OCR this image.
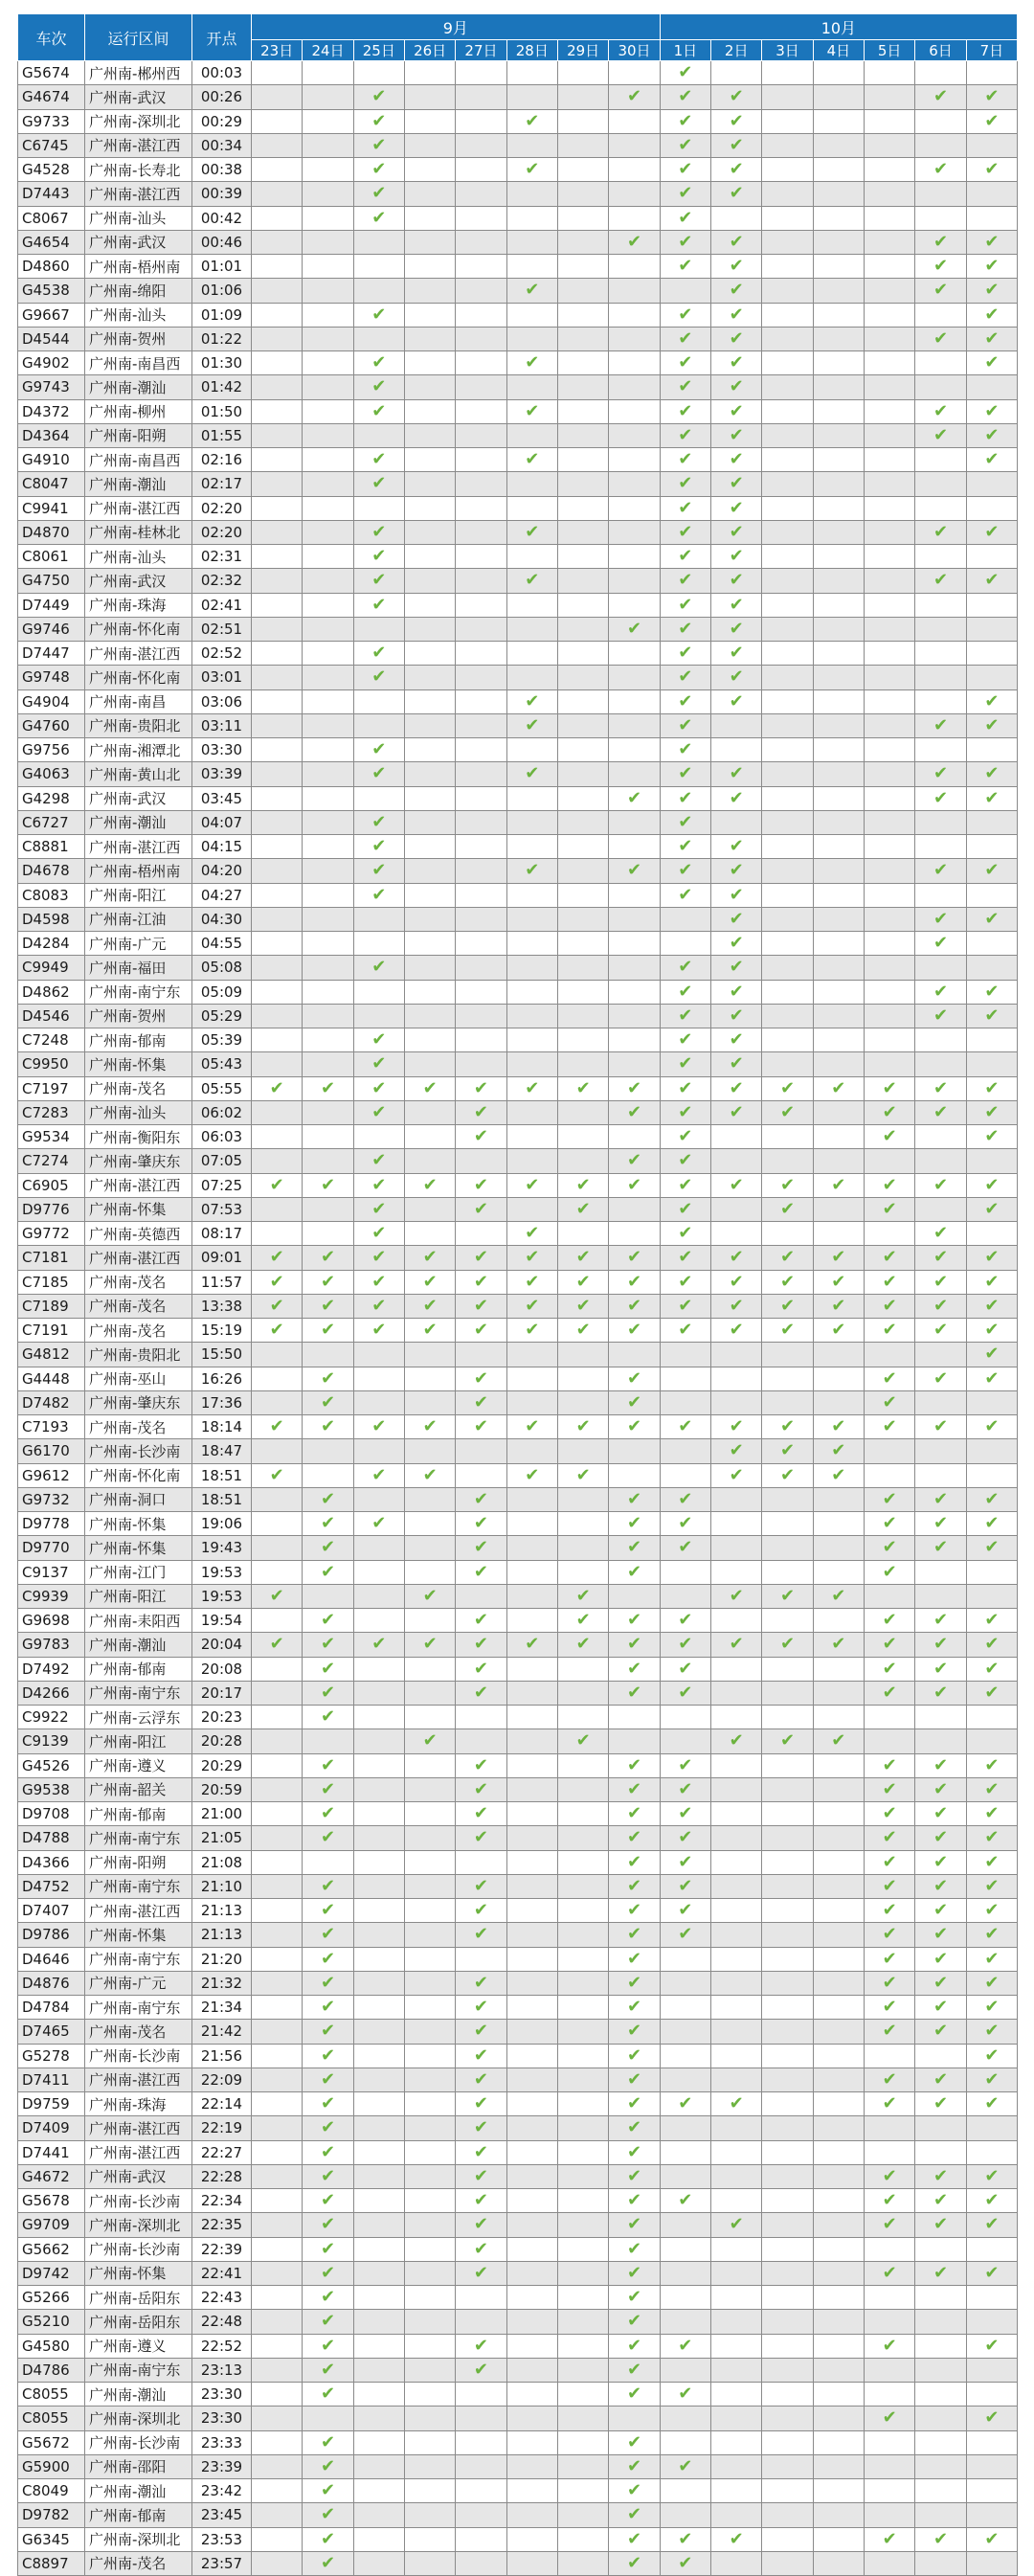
车次	运行区间	开点	9月								10月						
			23日	24日	25日	26日	27日	28日	29日	30日	1日	2日	3日	4日	5日	6日	7日
G5674	广州南-郴州西	00:03									✔						
G4674	广州南-武汉	00:26			✔					✔	✔	✔				✔	✔
G9733	广州南-深圳北	00:29			✔			✔			✔	✔					✔
C6745	广州南-湛江西	00:34			✔						✔	✔					
G4528	广州南-长寿北	00:38			✔			✔			✔	✔				✔	✔
D7443	广州南-湛江西	00:39			✔						✔	✔					
C8067	广州南-汕头	00:42			✔						✔						
G4654	广州南-武汉	00:46								✔	✔	✔				✔	✔
D4860	广州南-梧州南	01:01									✔	✔				✔	✔
G4538	广州南-绵阳	01:06						✔				✔				✔	✔
G9667	广州南-汕头	01:09			✔						✔	✔					✔
D4544	广州南-贺州	01:22									✔	✔				✔	✔
G4902	广州南-南昌西	01:30			✔			✔			✔	✔					✔
G9743	广州南-潮汕	01:42			✔						✔	✔					
D4372	广州南-柳州	01:50			✔			✔			✔	✔				✔	✔
D4364	广州南-阳朔	01:55									✔	✔				✔	✔
G4910	广州南-南昌西	02:16			✔			✔			✔	✔					✔
C8047	广州南-潮汕	02:17			✔						✔	✔					
C9941	广州南-湛江西	02:20									✔	✔					
D4870	广州南-桂林北	02:20			✔			✔			✔	✔				✔	✔
C8061	广州南-汕头	02:31			✔						✔	✔					
G4750	广州南-武汉	02:32			✔			✔			✔	✔				✔	✔
D7449	广州南-珠海	02:41			✔						✔	✔					
G9746	广州南-怀化南	02:51								✔	✔	✔					
D7447	广州南-湛江西	02:52			✔						✔	✔					
G9748	广州南-怀化南	03:01			✔						✔	✔					
G4904	广州南-南昌	03:06						✔			✔	✔					✔
G4760	广州南-贵阳北	03:11						✔			✔					✔	✔
G9756	广州南-湘潭北	03:30			✔						✔						
G4063	广州南-黄山北	03:39			✔			✔			✔	✔				✔	✔
G4298	广州南-武汉	03:45								✔	✔	✔				✔	✔
C6727	广州南-潮汕	04:07			✔						✔						
C8881	广州南-湛江西	04:15			✔						✔	✔					
D4678	广州南-梧州南	04:20			✔			✔		✔	✔	✔				✔	✔
C8083	广州南-阳江	04:27			✔						✔	✔					
D4598	广州南-江油	04:30										✔				✔	✔
D4284	广州南-广元	04:55										✔				✔	
C9949	广州南-福田	05:08			✔						✔	✔					
D4862	广州南-南宁东	05:09									✔	✔				✔	✔
D4546	广州南-贺州	05:29									✔	✔				✔	✔
C7248	广州南-郁南	05:39			✔						✔	✔					
C9950	广州南-怀集	05:43			✔						✔	✔					
C7197	广州南-茂名	05:55	✔	✔	✔	✔	✔	✔	✔	✔	✔	✔	✔	✔	✔	✔	✔
C7283	广州南-汕头	06:02			✔		✔			✔	✔	✔	✔		✔	✔	✔
G9534	广州南-衡阳东	06:03					✔				✔				✔		✔
C7274	广州南-肇庆东	07:05			✔					✔	✔						
C6905	广州南-湛江西	07:25	✔	✔	✔	✔	✔	✔	✔	✔	✔	✔	✔	✔	✔	✔	✔
D9776	广州南-怀集	07:53			✔		✔		✔		✔		✔		✔		✔
G9772	广州南-英德西	08:17			✔			✔			✔					✔	
C7181	广州南-湛江西	09:01	✔	✔	✔	✔	✔	✔	✔	✔	✔	✔	✔	✔	✔	✔	✔
C7185	广州南-茂名	11:57	✔	✔	✔	✔	✔	✔	✔	✔	✔	✔	✔	✔	✔	✔	✔
C7189	广州南-茂名	13:38	✔	✔	✔	✔	✔	✔	✔	✔	✔	✔	✔	✔	✔	✔	✔
C7191	广州南-茂名	15:19	✔	✔	✔	✔	✔	✔	✔	✔	✔	✔	✔	✔	✔	✔	✔
G4812	广州南-贵阳北	15:50															✔
G4448	广州南-巫山	16:26		✔			✔			✔					✔	✔	✔
D7482	广州南-肇庆东	17:36		✔			✔			✔					✔		
C7193	广州南-茂名	18:14	✔	✔	✔	✔	✔	✔	✔	✔	✔	✔	✔	✔	✔	✔	✔
G6170	广州南-长沙南	18:47										✔	✔	✔			
G9612	广州南-怀化南	18:51	✔		✔	✔		✔	✔			✔	✔	✔			
G9732	广州南-洞口	18:51		✔			✔			✔	✔				✔	✔	✔
D9778	广州南-怀集	19:06		✔	✔		✔			✔	✔				✔	✔	✔
D9770	广州南-怀集	19:43		✔			✔			✔	✔				✔	✔	✔
C9137	广州南-江门	19:53		✔			✔			✔					✔		
C9939	广州南-阳江	19:53	✔			✔			✔			✔	✔	✔			
G9698	广州南-耒阳西	19:54		✔			✔		✔	✔	✔				✔	✔	✔
G9783	广州南-潮汕	20:04	✔	✔	✔	✔	✔	✔	✔	✔	✔	✔	✔	✔	✔	✔	✔
D7492	广州南-郁南	20:08		✔			✔			✔	✔				✔	✔	✔
D4266	广州南-南宁东	20:17		✔			✔			✔	✔				✔	✔	✔
C9922	广州南-云浮东	20:23		✔													
C9139	广州南-阳江	20:28				✔			✔			✔	✔	✔			
G4526	广州南-遵义	20:29		✔			✔			✔	✔				✔	✔	✔
G9538	广州南-韶关	20:59		✔			✔			✔	✔				✔	✔	✔
D9708	广州南-郁南	21:00		✔			✔			✔	✔				✔	✔	✔
D4788	广州南-南宁东	21:05		✔			✔			✔	✔				✔	✔	✔
D4366	广州南-阳朔	21:08								✔	✔				✔	✔	✔
D4752	广州南-南宁东	21:10		✔			✔			✔	✔				✔	✔	✔
D7407	广州南-湛江西	21:13		✔			✔			✔	✔				✔	✔	✔
D9786	广州南-怀集	21:13		✔			✔			✔	✔				✔	✔	✔
D4646	广州南-南宁东	21:20		✔						✔					✔	✔	✔
D4876	广州南-广元	21:32		✔			✔			✔					✔	✔	✔
D4784	广州南-南宁东	21:34		✔			✔			✔					✔	✔	✔
D7465	广州南-茂名	21:42		✔			✔			✔					✔	✔	✔
G5278	广州南-长沙南	21:56		✔			✔			✔							✔
D7411	广州南-湛江西	22:09		✔			✔			✔					✔	✔	✔
D9759	广州南-珠海	22:14		✔			✔			✔	✔	✔			✔	✔	✔
D7409	广州南-湛江西	22:19		✔			✔			✔							
D7441	广州南-湛江西	22:27		✔			✔			✔							
G4672	广州南-武汉	22:28		✔			✔			✔					✔	✔	✔
G5678	广州南-长沙南	22:34		✔			✔			✔	✔				✔	✔	✔
G9709	广州南-深圳北	22:35		✔			✔			✔		✔			✔	✔	✔
G5662	广州南-长沙南	22:39		✔			✔			✔							
D9742	广州南-怀集	22:41		✔			✔			✔					✔	✔	✔
G5266	广州南-岳阳东	22:43		✔						✔							
G5210	广州南-岳阳东	22:48		✔						✔							
G4580	广州南-遵义	22:52		✔			✔			✔	✔				✔		✔
D4786	广州南-南宁东	23:13		✔			✔			✔							
C8055	广州南-潮汕	23:30		✔						✔	✔						
C8055	广州南-深圳北	23:30													✔		✔
G5672	广州南-长沙南	23:33		✔						✔							
G5900	广州南-邵阳	23:39		✔						✔	✔						
C8049	广州南-潮汕	23:42		✔						✔							
D9782	广州南-郁南	23:45		✔						✔							
G6345	广州南-深圳北	23:53		✔						✔	✔	✔			✔	✔	✔
C8897	广州南-茂名	23:57		✔						✔	✔						
